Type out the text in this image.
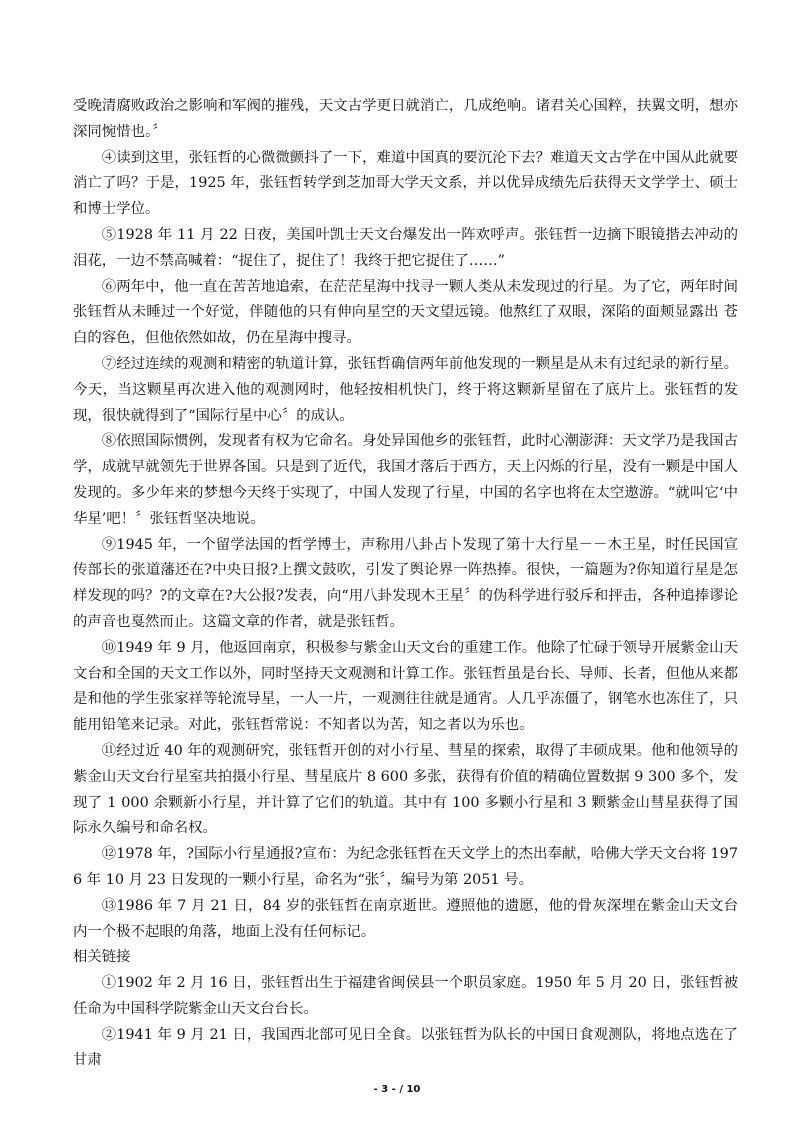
受晚清腐败政治之影响和军阀的摧残，天文古学更日就消亡，几成绝响。诸君关心国粹，扶翼文明，想亦深同惋惜也。〞

④读到这里，张钰哲的心微微颤抖了一下，难道中国真的要沉沦下去？难道天文古学在中国从此就要消亡了吗？于是，1925 年，张钰哲转学到芝加哥大学天文系，并以优异成绩先后获得天文学学士、硕士和博士学位。

⑤1928 年 11 月 22 日夜，美国叶凯士天文台爆发出一阵欢呼声。张钰哲一边摘下眼镜揩去冲动的泪花，一边不禁高喊着：“捉住了，捉住了！我终于把它捉住了……”

⑥两年中，他一直在苦苦地追索，在茫茫星海中找寻一颗人类从未发现过的行星。为了它，两年时间张钰哲从未睡过一个好觉，伴随他的只有伸向星空的天文望远镜。他熬红了双眼，深陷的面颊显露出 苍白的容色，但他依然如故，仍在星海中搜寻。

⑦经过连续的观测和精密的轨道计算，张钰哲确信两年前他发现的一颗星是从未有过纪录的新行星。今天，当这颗星再次进入他的观测网时，他轻按相机快门，终于将这颗新星留在了底片上。张钰哲的发现，很快就得到了“国际行星中心〞的成认。

⑧依照国际惯例，发现者有权为它命名。身处异国他乡的张钰哲，此时心潮澎湃：天文学乃是我国古学，成就早就领先于世界各国。只是到了近代，我国才落后于西方，天上闪烁的行星，没有一颗是中国人发现的。多少年来的梦想今天终于实现了，中国人发现了行星，中国的名字也将在太空遨游。“就叫它‘中华星’吧！〞张钰哲坚决地说。

⑨1945 年，一个留学法国的哲学博士，声称用八卦占卜发现了第十大行星－－木王星，时任民国宣传部长的张道藩还在?中央日报?上撰文鼓吹，引发了舆论界一阵热捧。很快，一篇题为?你知道行星是怎样发现的吗？?的文章在?大公报?发表，向“用八卦发现木王星〞的伪科学进行驳斥和抨击，各种追捧谬论的声音也戛然而止。这篇文章的作者，就是张钰哲。

⑩1949 年 9 月，他返回南京，积极参与紫金山天文台的重建工作。他除了忙碌于领导开展紫金山天文台和全国的天文工作以外，同时坚持天文观测和计算工作。张钰哲虽是台长、导师、长者，但他从来都是和他的学生张家祥等轮流导星，一人一片，一观测往往就是通宵。人几乎冻僵了，钢笔水也冻住了，只能用铅笔来记录。对此，张钰哲常说：不知者以为苦，知之者以为乐也。

⑪经过近 40 年的观测研究，张钰哲开创的对小行星、彗星的探索，取得了丰硕成果。他和他领导的紫金山天文台行星室共拍摄小行星、彗星底片 8 600 多张，获得有价值的精确位置数据 9 300 多个，发现了 1 000 余颗新小行星，并计算了它们的轨道。其中有 100 多颗小行星和 3 颗紫金山彗星获得了国际永久编号和命名权。

⑫1978 年，?国际小行星通报?宣布：为纪念张钰哲在天文学上的杰出奉献，哈佛大学天文台将 1976 年 10 月 23 日发现的一颗小行星，命名为“张〞，编号为第 2051 号。

⑬1986 年 7 月 21 日，84 岁的张钰哲在南京逝世。遵照他的遗愿，他的骨灰深埋在紫金山天文台内一个极不起眼的角落，地面上没有任何标记。

相关链接

①1902 年 2 月 16 日，张钰哲出生于福建省闽侯县一个职员家庭。1950 年 5 月 20 日，张钰哲被任命为中国科学院紫金山天文台台长。

②1941 年 9 月 21 日，我国西北部可见日全食。以张钰哲为队长的中国日食观测队，将地点选在了甘肃

- 3 - / 10
